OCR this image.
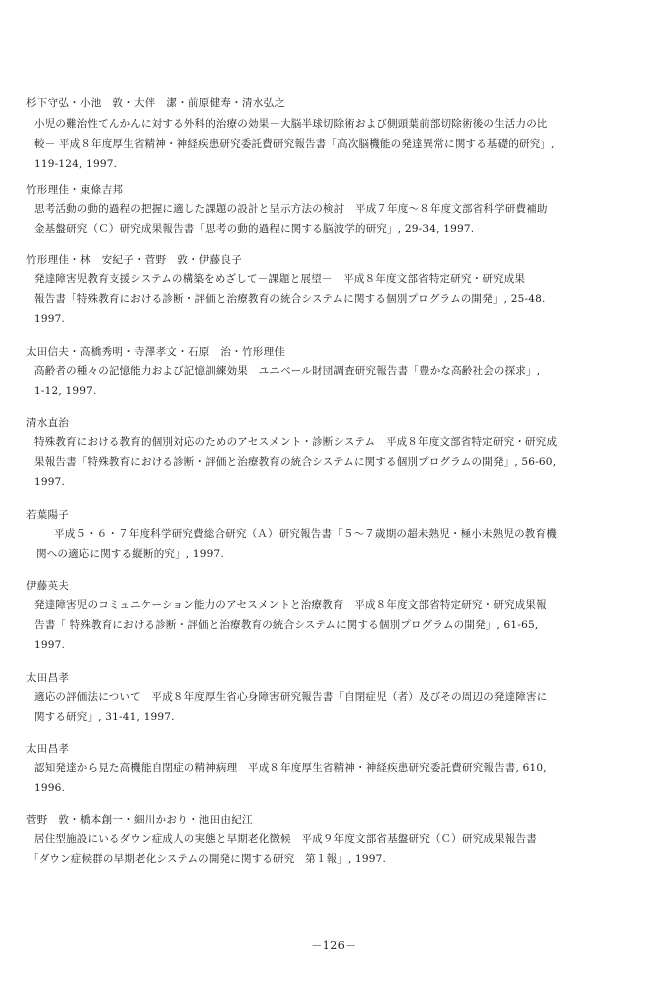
杉下守弘・小池　敦・大伴　潔・前原健寿・清水弘之
小児の難治性てんかんに対する外科的治療の効果－大脳半球切除術および側頭葉前部切除術後の生活力の比
較－ 平成８年度厚生省精神・神経疾患研究委託費研究報告書「高次脳機能の発達異常に関する基礎的研究」,
119-124, 1997.
竹形理佳・東條吉邦
思考活動の動的過程の把握に適した課題の設計と呈示方法の検討　平成７年度～８年度文部省科学研費補助
金基盤研究（Ｃ）研究成果報告書「思考の動的過程に関する脳波学的研究」, 29-34, 1997.
竹形理佳・林　安紀子・菅野　敦・伊藤良子
発達障害児教育支援システムの構築をめざして－課題と展望－　平成８年度文部省特定研究・研究成果
報告書「特殊教育における診断・評価と治療教育の統合システムに関する個別プログラムの開発」, 25-48.
1997.
太田信夫・高橋秀明・寺澤孝文・石原　治・竹形理佳
高齢者の種々の記憶能力および記憶訓練効果　ユニベール財団調査研究報告書「豊かな高齢社会の探求」,
1-12, 1997.
清水直治
特殊教育における教育的個別対応のためのアセスメント・診断システム　平成８年度文部省特定研究・研究成
果報告書「特殊教育における診断・評価と治療教育の統合システムに関する個別プログラムの開発」, 56-60,
1997.
若葉陽子
平成５・６・７年度科学研究費総合研究（Ａ）研究報告書「５～７歳期の超未熟児・極小未熟児の教育機
関への適応に関する縦断的究」, 1997.
伊藤英夫
発達障害児のコミュニケーション能力のアセスメントと治療教育　平成８年度文部省特定研究・研究成果報
告書「 特殊教育における診断・評価と治療教育の統合システムに関する個別プログラムの開発」, 61-65,
1997.
太田昌孝
適応の評価法について　平成８年度厚生省心身障害研究報告書「自閉症児（者）及びその周辺の発達障害に
関する研究」, 31-41, 1997.
太田昌孝
認知発達から見た高機能自閉症の精神病理　平成８年度厚生省精神・神経疾患研究委託費研究報告書, 610,
1996.
菅野　敦・橋本創一・細川かおり・池田由紀江
居住型施設にいるダウン症成人の実態と早期老化徴候　平成９年度文部省基盤研究（Ｃ）研究成果報告書
「ダウン症候群の早期老化システムの開発に関する研究　第１報」, 1997.
－126－
